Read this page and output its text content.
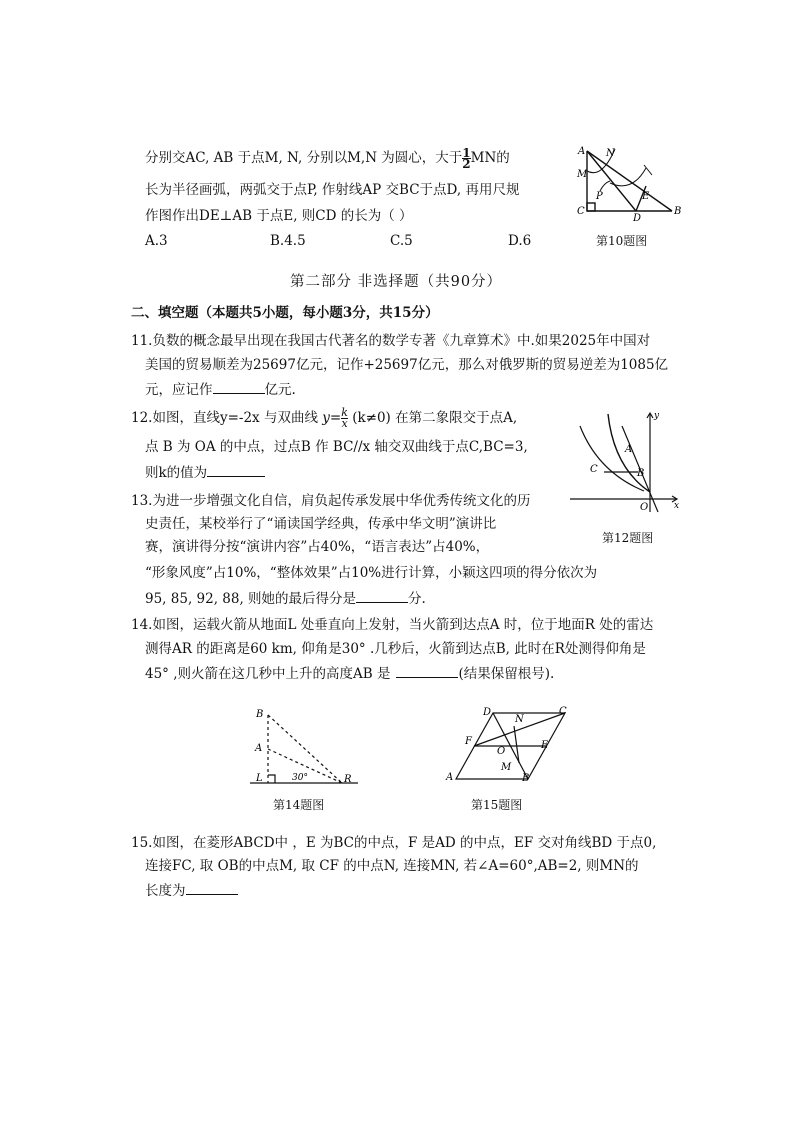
分别交AC, AB 于点M, N, 分别以M,N 为圆心，大于 $\frac{1}{2}$ MN的
长为半径画弧，两弧交于点P, 作射线AP 交BC于点D, 再用尺规
作图作出DE⊥AB 于点E, 则CD 的长为（ ）
A.3	B.4.5	C.5	D.6
A N
M
P	E
C
D
B
第10题图
第二部分 非选择题（共90分）
二、填空题（本题共5小题，每小题3分，共15分）
11.负数的概念最早出现在我国古代著名的数学专著《九章算术》中.如果2025年中国对
美国的贸易顺差为25697亿元，记作+25697亿元，那么对俄罗斯的贸易逆差为1085亿
元，应记作	亿元.
12.如图，直线y=-2x 与双曲线 $y= \frac{k}{x} (k\ne 0)$ 在第二象限交于点A,
点 B 为 OA 的中点，过点B 作 BC//x 轴交双曲线于点C,BC=3,
则k的值为
y
A
C	B
O	x
第12题图
13.为进一步增强文化自信，肩负起传承发展中华优秀传统文化的历
史责任，某校举行了“诵读国学经典，传承中华文明”演讲比
赛，演讲得分按“演讲内容”占40%，“语言表达”占40%，
“形象风度”占10%，“整体效果”占10%进行计算，小颖这四项的得分依次为
95, 85, 92, 88, 则她的最后得分是	分.
14.如图，运载火箭从地面L 处垂直向上发射，当火箭到达点A 时，位于地面R 处的雷达
测得AR 的距离是60 km, 仰角是30° .几秒后，火箭到达点B, 此时在R处测得仰角是
45° ,则火箭在这几秒中上升的高度AB 是	(结果保留根号).
B
A
L	30°	R
第14题图
D
N
C
F
O
E
A
M
B
第15题图
15.如图，在菱形ABCD中 ，E 为BC的中点，F 是AD 的中点，EF 交对角线BD 于点0,
连接FC, 取 OB的中点M, 取 CF 的中点N, 连接MN, 若∠A=60°,AB=2, 则MN的
长度为
